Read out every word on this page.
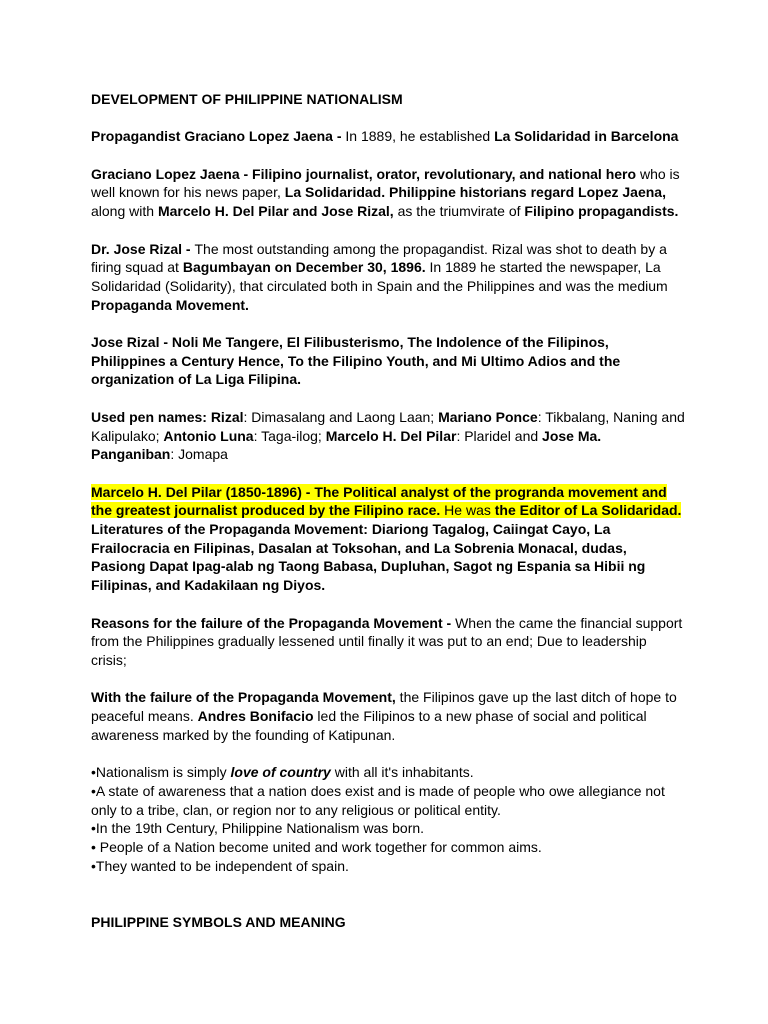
DEVELOPMENT OF PHILIPPINE NATIONALISM

Propagandist Graciano Lopez Jaena - In 1889, he established La Solidaridad in Barcelona

Graciano Lopez Jaena - Filipino journalist, orator, revolutionary, and national hero who is well known for his news paper, La Solidaridad. Philippine historians regard Lopez Jaena, along with Marcelo H. Del Pilar and Jose Rizal, as the triumvirate of Filipino propagandists.

Dr. Jose Rizal - The most outstanding among the propagandist. Rizal was shot to death by a firing squad at Bagumbayan on December 30, 1896. In 1889 he started the newspaper, La Solidaridad (Solidarity), that circulated both in Spain and the Philippines and was the medium Propaganda Movement.

Jose Rizal - Noli Me Tangere, El Filibusterismo, The Indolence of the Filipinos, Philippines a Century Hence, To the Filipino Youth, and Mi Ultimo Adios and the organization of La Liga Filipina.

Used pen names: Rizal: Dimasalang and Laong Laan; Mariano Ponce: Tikbalang, Naning and Kalipulako; Antonio Luna: Taga-ilog; Marcelo H. Del Pilar: Plaridel and Jose Ma. Panganiban: Jomapa

Marcelo H. Del Pilar (1850-1896) - The Political analyst of the progranda movement and the greatest journalist produced by the Filipino race. He was the Editor of La Solidaridad.
Literatures of the Propaganda Movement: Diariong Tagalog, Caiingat Cayo, La Frailocracia en Filipinas, Dasalan at Toksohan, and La Sobrenia Monacal, dudas, Pasiong Dapat Ipag-alab ng Taong Babasa, Dupluhan, Sagot ng Espania sa Hibii ng Filipinas, and Kadakilaan ng Diyos.

Reasons for the failure of the Propaganda Movement - When the came the financial support from the Philippines gradually lessened until finally it was put to an end; Due to leadership crisis;

With the failure of the Propaganda Movement, the Filipinos gave up the last ditch of hope to peaceful means. Andres Bonifacio led the Filipinos to a new phase of social and political awareness marked by the founding of Katipunan.

•Nationalism is simply love of country with all it's inhabitants.

•A state of awareness that a nation does exist and is made of people who owe allegiance not only to a tribe, clan, or region nor to any religious or political entity.

•In the 19th Century, Philippine Nationalism was born.

• People of a Nation become united and work together for common aims.

•They wanted to be independent of spain.

PHILIPPINE SYMBOLS AND MEANING
